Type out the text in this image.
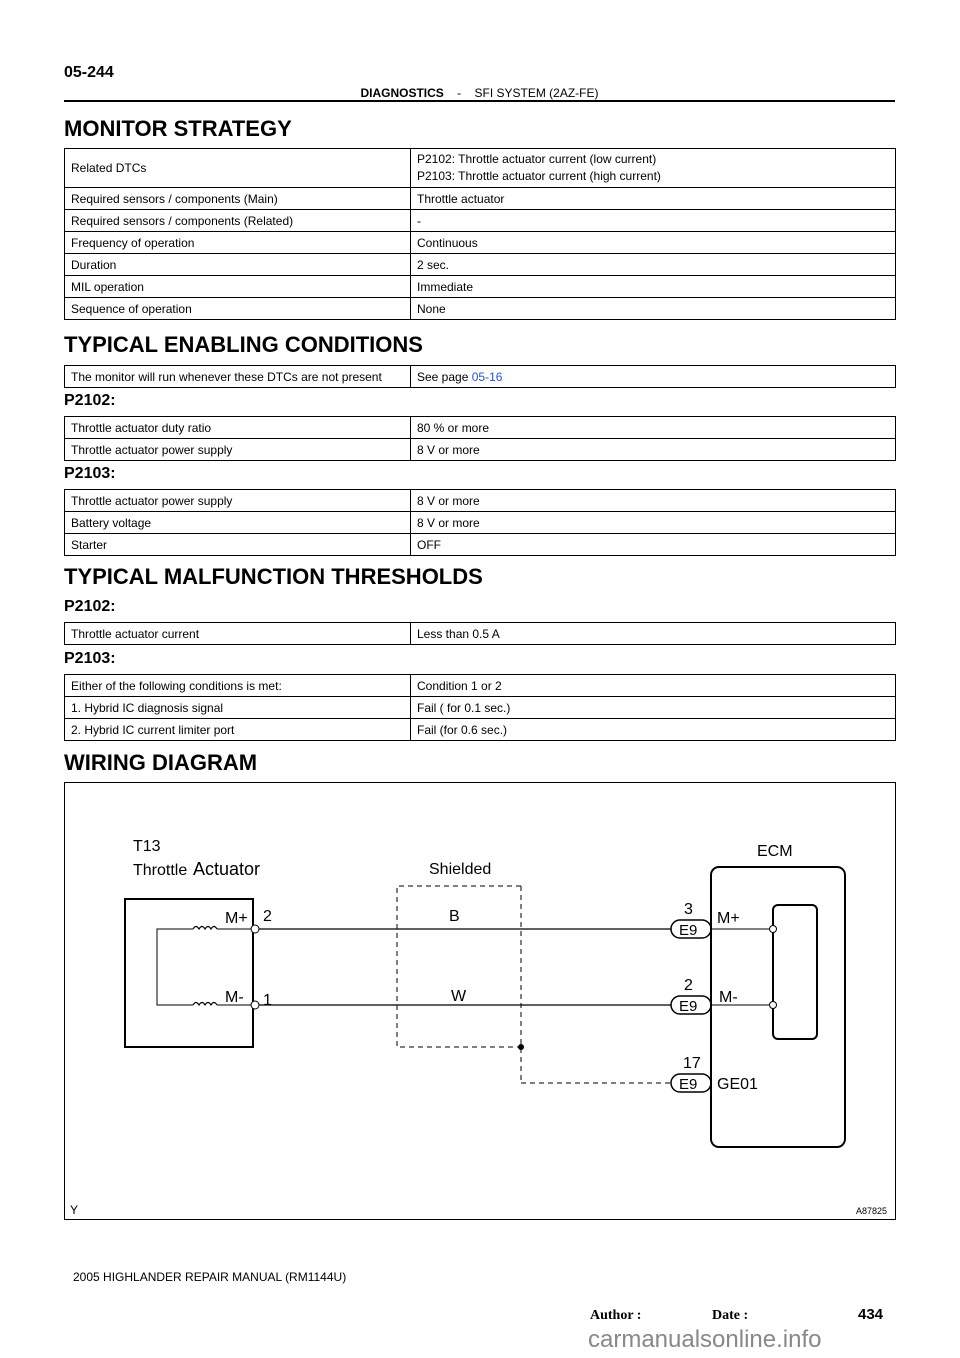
05-244
DIAGNOSTICS - SFI SYSTEM (2AZ-FE)
MONITOR STRATEGY
Related DTCs	P2102: Throttle actuator current (low current)
P2103: Throttle actuator current (high current)

Required sensors / components (Main)	Throttle actuator

Required sensors / components (Related)	-

Frequency of operation	Continuous

Duration	2 sec.

MIL operation	Immediate

Sequence of operation	None
TYPICAL ENABLING CONDITIONS
The monitor will run whenever these DTCs are not present	See page 05-16
P2102:
Throttle actuator duty ratio	80 % or more

Throttle actuator power supply	8 V or more
P2103:
Throttle actuator power supply	8 V or more

Battery voltage	8 V or more

Starter	OFF
TYPICAL MALFUNCTION THRESHOLDS
P2102:
Throttle actuator current	Less than 0.5 A
P2103:
Either of the following conditions is met:	Condition 1 or 2

1. Hybrid IC diagnosis signal	Fail ( for 0.1 sec.)

2. Hybrid IC current limiter port	Fail (for 0.6 sec.)
WIRING DIAGRAM
T13
Throttle Actuator	Shielded
ECM
M+
M-
2
1
B
W
3
2
17
E9
E9
E9
M+
M-
GE01
Y	A87825
2005 HIGHLANDER REPAIR MANUAL (RM1144U)
Author :	Date :	434
carmanualsonline.info
